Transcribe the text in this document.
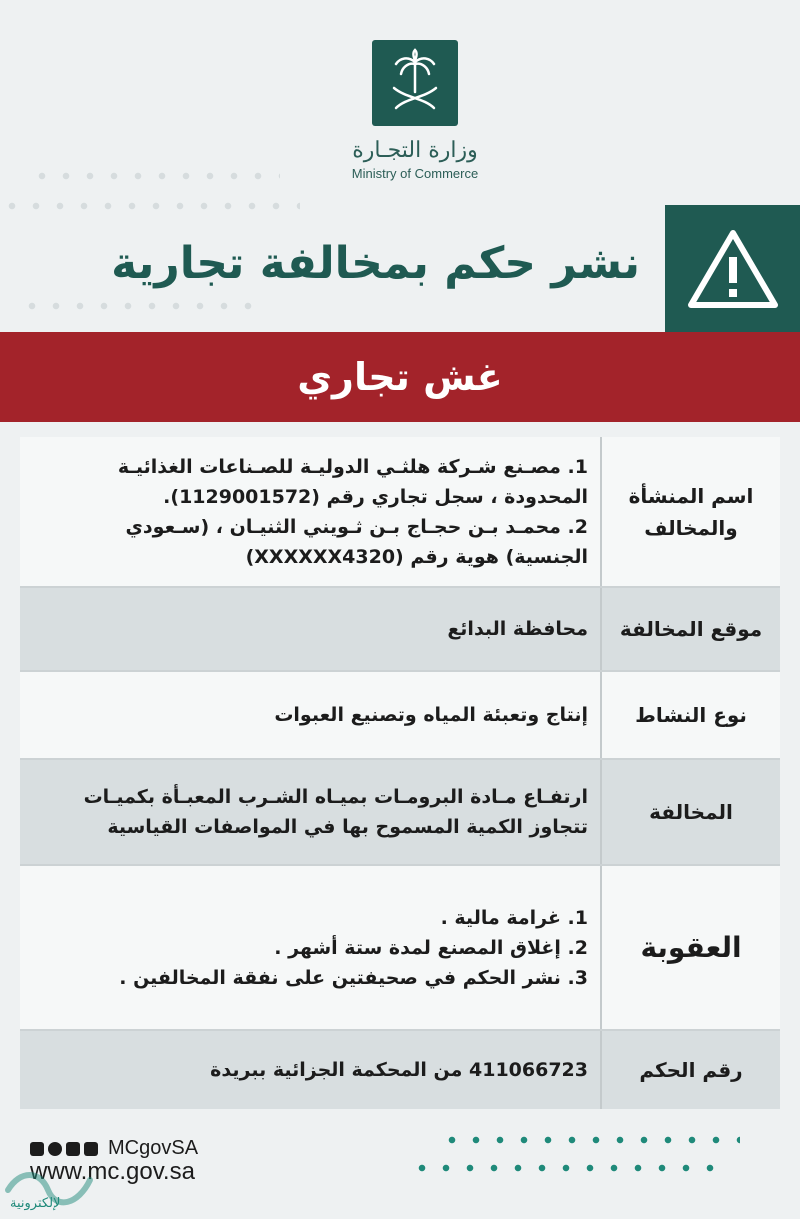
وزارة التجـارة
Ministry of Commerce
نشر حكم بمخالفة تجارية
غش تجاري
اسم المنشأة
والمخالف
1. مصـنع شـركة هلثـي الدوليـة للصـناعات الغذائيـة
المحدودة ، سجل تجاري رقم (1129001572).
2. محمـد بـن حجـاج بـن ثـويني الثنيـان ، (سـعودي
الجنسية) هوية رقم (XXXXXX4320)
موقع المخالفة
محافظة البدائع
نوع النشاط
إنتاج وتعبئة المياه وتصنيع العبوات
المخالفة
ارتفـاع مـادة البرومـات بميـاه الشـرب المعبـأة بكميـات
تتجاوز الكمية المسموح بها في المواصفات القياسية
العقوبة
1. غرامة مالية .
2. إغلاق المصنع لمدة ستة أشهر .
3. نشر الحكم في صحيفتين على نفقة المخالفين .
رقم الحكم
411066723 من المحكمة الجزائية ببريدة
MCgovSA
www.mc.gov.sa
لإلكترونية
